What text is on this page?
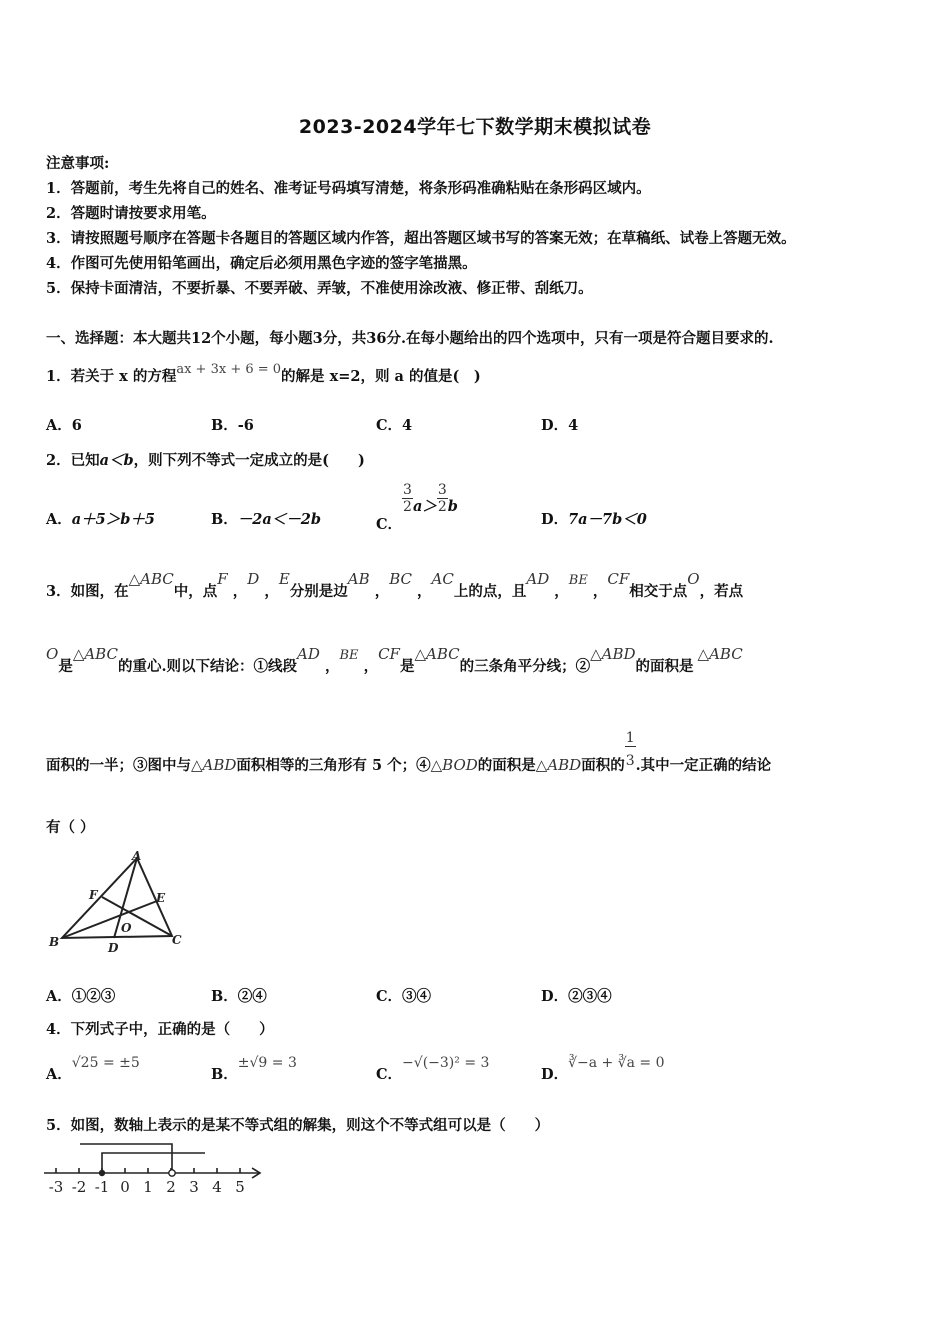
2023-2024学年七下数学期末模拟试卷
注意事项:
1．答题前，考生先将自己的姓名、准考证号码填写清楚，将条形码准确粘贴在条形码区域内。
2．答题时请按要求用笔。
3．请按照题号顺序在答题卡各题目的答题区域内作答，超出答题区域书写的答案无效；在草稿纸、试卷上答题无效。
4．作图可先使用铅笔画出，确定后必须用黑色字迹的签字笔描黑。
5．保持卡面清洁，不要折暴、不要弄破、弄皱，不准使用涂改液、修正带、刮纸刀。
一、选择题：本大题共12个小题，每小题3分，共36分.在每小题给出的四个选项中，只有一项是符合题目要求的.
1．若关于 x 的方程ax + 3x + 6 = 0的解是 x=2，则 a 的值是(　)
A．6	B．-6	C．4	D．4
2．已知a＜b，则下列不等式一定成立的是(　　)
A．a＋5＞b＋5	B．－2a＜－2b	C．
$\frac{3}{2} a> \frac{3}{2}$ b
D．7a－7b＜0
3．如图，在△ABC中，点F ，D ，E分别是边AB ，BC ，AC上的点，且AD ，BE ，CF相交于点O，若点
O是△ABC的重心.则以下结论：①线段AD ，BE ，CF是△ABC的三条角平分线；②△ABD的面积是△ABC
面积的一半；③图中与△ABD面积相等的三角形有 5 个；④△BOD的面积是△ABD面积的 $\frac{1}{3}$ .其中一定正确的结论
有（ ）
A
B	C
D
E
F
O
A．①②③	B．②④	C．③④	D．②③④
4．下列式子中，正确的是（　　）
A．√25 = ±5
B．±√9 = 3
C．−√(−3)² = 3
D．∛−a + ∛a = 0
5．如图，数轴上表示的是某不等式组的解集，则这个不等式组可以是（　　）
-3 -2 -1 0 1 2 3 4 5
